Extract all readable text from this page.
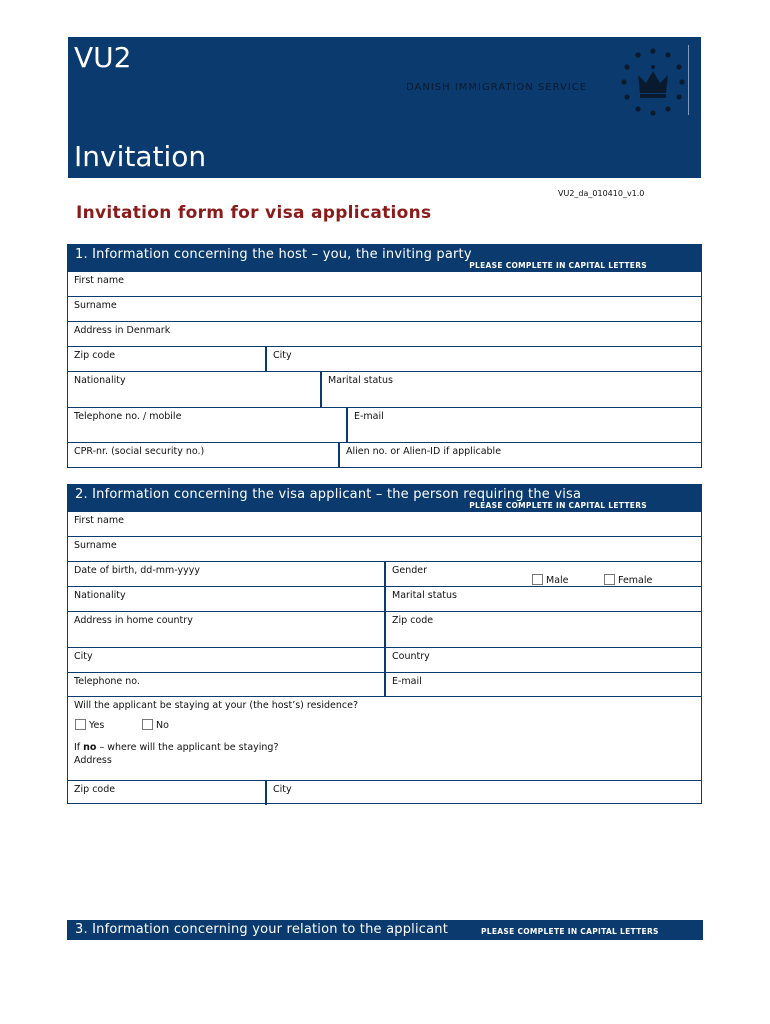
VU2
DANISH IMMIGRATION SERVICE
Invitation
VU2_da_010410_v1.0
Invitation form for visa applications
1. Information concerning the host – you, the inviting party
PLEASE COMPLETE IN CAPITAL LETTERS
First name
Surname
Address in Denmark
Zip code	City
Nationality	Marital status
Telephone no. / mobile	E-mail
CPR-nr. (social security no.)	Alien no. or Alien-ID if applicable
2. Information concerning the visa applicant – the person requiring the visa
PLEASE COMPLETE IN CAPITAL LETTERS
First name
Surname
Date of birth, dd-mm-yyyy	Gender
Male	Female
Nationality	Marital status
Address in home country	Zip code
City	Country
Telephone no.	E-mail
Will the applicant be staying at your (the host’s) residence?
Yes	No
If no – where will the applicant be staying?
Address
Zip code	City
3. Information concerning your relation to the applicant	PLEASE COMPLETE IN CAPITAL LETTERS
